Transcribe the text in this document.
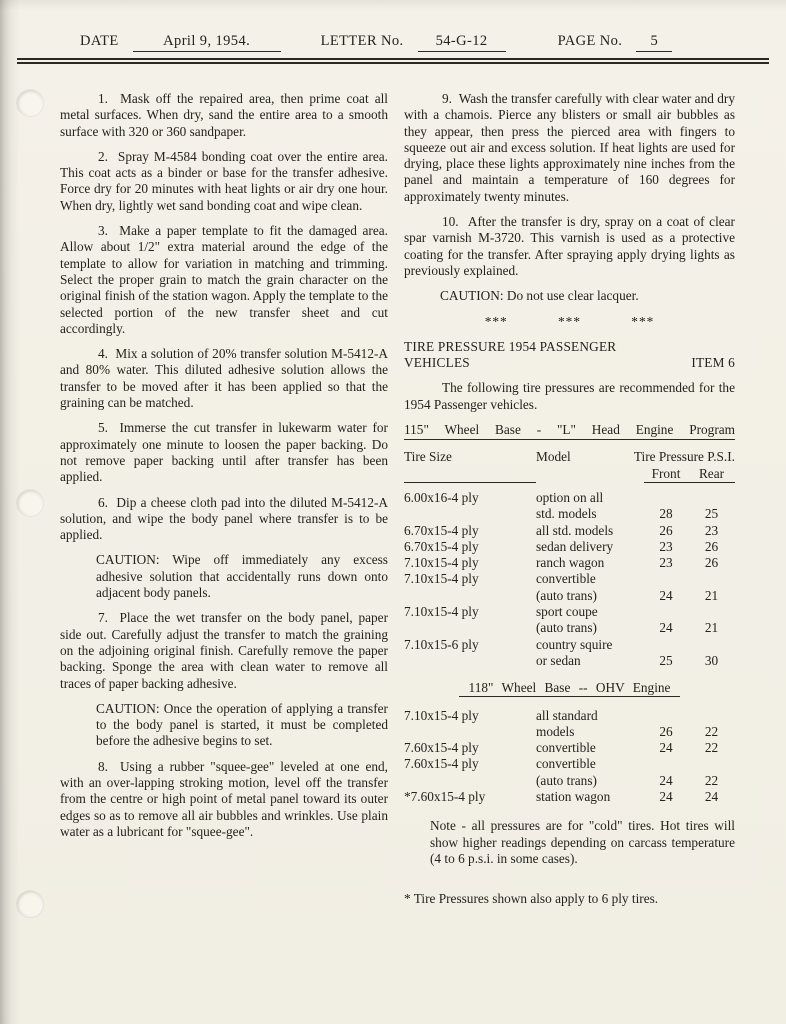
DATE	April 9, 1954.	LETTER No.	54-G-12	PAGE No.	5

1.  Mask off the repaired area, then prime coat all metal surfaces. When dry, sand the entire area to a smooth surface with 320 or 360 sandpaper.

2.  Spray M-4584 bonding coat over the entire area. This coat acts as a binder or base for the transfer adhesive. Force dry for 20 minutes with heat lights or air dry one hour. When dry, lightly wet sand bonding coat and wipe clean.

3.  Make a paper template to fit the damaged area. Allow about 1/2" extra material around the edge of the template to allow for variation in matching and trimming. Select the proper grain to match the grain character on the original finish of the station wagon. Apply the template to the selected portion of the new transfer sheet and cut accordingly.

4.  Mix a solution of 20% transfer solution M-5412-A and 80% water. This diluted adhesive solution allows the transfer to be moved after it has been applied so that the graining can be matched.

5.  Immerse the cut transfer in lukewarm water for approximately one minute to loosen the paper backing. Do not remove paper backing until after transfer has been applied.

6.  Dip a cheese cloth pad into the diluted M-5412-A solution, and wipe the body panel where transfer is to be applied.

CAUTION: Wipe off immediately any excess adhesive solution that accidentally runs down onto adjacent body panels.

7.  Place the wet transfer on the body panel, paper side out. Carefully adjust the transfer to match the graining on the adjoining original finish. Carefully remove the paper backing. Sponge the area with clean water to remove all traces of paper backing adhesive.

CAUTION: Once the operation of applying a transfer to the body panel is started, it must be completed before the adhesive begins to set.

8.  Using a rubber "squee-gee" leveled at one end, with an over-lapping stroking motion, level off the transfer from the centre or high point of metal panel toward its outer edges so as to remove all air bubbles and wrinkles. Use plain water as a lubricant for "squee-gee".

9.  Wash the transfer carefully with clear water and dry with a chamois. Pierce any blisters or small air bubbles as they appear, then press the pierced area with fingers to squeeze out air and excess solution. If heat lights are used for drying, place these lights approximately nine inches from the panel and maintain a temperature of 160 degrees for approximately twenty minutes.

10.  After the transfer is dry, spray on a coat of clear spar varnish M-3720. This varnish is used as a protective coating for the transfer. After spraying apply drying lights as previously explained.

CAUTION: Do not use clear lacquer.

*** *** ***
TIRE PRESSURE 1954 PASSENGER VEHICLES	ITEM 6

The following tire pressures are recommended for the 1954 Passenger vehicles.

115" Wheel Base - "L" Head Engine Program
Tire Size	Model	Tire Pressure P.S.I.
Front	Rear
6.00x16-4 ply	option on all
std. models	28	25
6.70x15-4 ply	all std. models	26	23
6.70x15-4 ply	sedan delivery	23	26
7.10x15-4 ply	ranch wagon	23	26
7.10x15-4 ply	convertible
(auto trans)	24	21
7.10x15-4 ply	sport coupe
(auto trans)	24	21
7.10x15-6 ply	country squire
or sedan	25	30
118" Wheel Base -- OHV Engine
7.10x15-4 ply	all standard
models	26	22
7.60x15-4 ply	convertible	24	22
7.60x15-4 ply	convertible
(auto trans)	24	22
*7.60x15-4 ply	station wagon	24	24

Note - all pressures are for "cold" tires. Hot tires will show higher readings depending on carcass temperature (4 to 6 p.s.i. in some cases).

* Tire Pressures shown also apply to 6 ply tires.
